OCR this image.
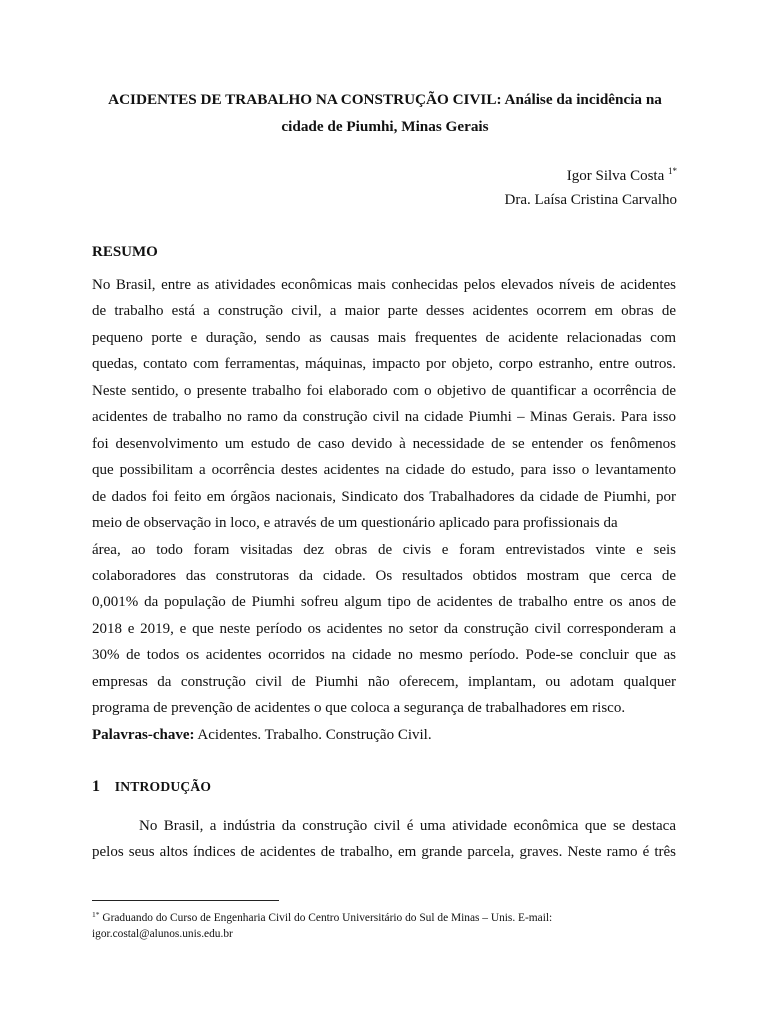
ACIDENTES DE TRABALHO NA CONSTRUÇÃO CIVIL: Análise da incidência na cidade de Piumhi, Minas Gerais
Igor Silva Costa $^{1*}$
Dra. Laísa Cristina Carvalho
RESUMO

No Brasil, entre as atividades econômicas mais conhecidas pelos elevados níveis de acidentes
de trabalho está a construção civil, a maior parte desses acidentes ocorrem em obras de
pequeno porte e duração, sendo as causas mais frequentes de acidente relacionadas com
quedas, contato com ferramentas, máquinas, impacto por objeto, corpo estranho, entre outros.
Neste sentido, o presente trabalho foi elaborado com o objetivo de quantificar a ocorrência de
acidentes de trabalho no ramo da construção civil na cidade Piumhi – Minas Gerais. Para isso
foi desenvolvimento um estudo de caso devido à necessidade de se entender os fenômenos
que possibilitam a ocorrência destes acidentes na cidade do estudo, para isso o levantamento
de dados foi feito em órgãos nacionais, Sindicato dos Trabalhadores da cidade de Piumhi, por
meio de observação in loco, e através de um questionário aplicado para profissionais da
área, ao todo foram visitadas dez obras de civis e foram entrevistados vinte e seis
colaboradores das construtoras da cidade. Os resultados obtidos mostram que cerca de
0,001% da população de Piumhi sofreu algum tipo de acidentes de trabalho entre os anos de
2018 e 2019, e que neste período os acidentes no setor da construção civil corresponderam a
30% de todos os acidentes ocorridos na cidade no mesmo período. Pode-se concluir que as
empresas da construção civil de Piumhi não oferecem, implantam, ou adotam qualquer
programa de prevenção de acidentes o que coloca a segurança de trabalhadores em risco.

Palavras-chave: Acidentes. Trabalho. Construção Civil.

1 INTRODUÇÃO

No Brasil, a indústria da construção civil é uma atividade econômica que se destaca
pelos seus altos índices de acidentes de trabalho, em grande parcela, graves. Neste ramo é três

$^{1*}$ Graduando do Curso de Engenharia Civil do Centro Universitário do Sul de Minas – Unis. E-mail:
igor.costal@alunos.unis.edu.br
